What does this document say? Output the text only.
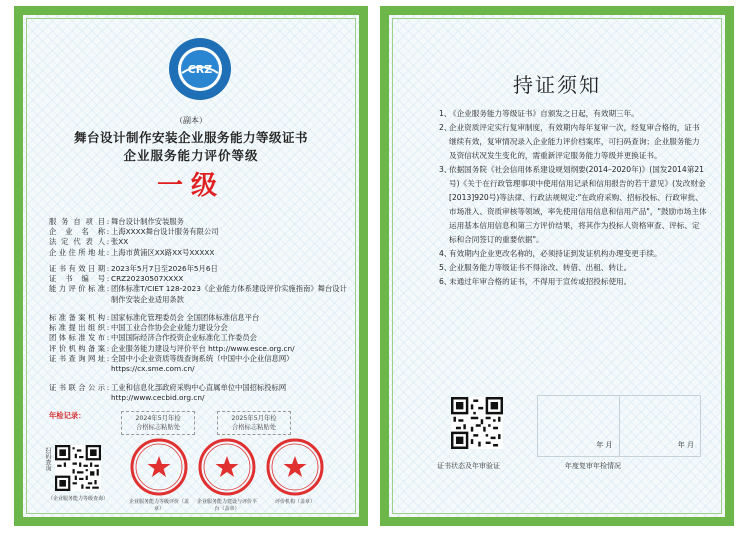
CRZ
（副本）
舞台设计制作安装企业服务能力等级证书
企业服务能力评价等级
一级
服务自项目 : 舞台设计制作安装服务
企业名称 : 上海XXXX舞台设计服务有限公司
法定代表人 : 张XX
企业住所地址 : 上海市黄浦区XX路XX号XXXXX
证书有效日期 : 2023年5月7日至2026年5月6日
证书编号 : CRZ20230507XXXX
能力评价标准 : 团体标准T/CIET 128-2023《企业能力体系建设评价实施指南》舞台设计制作安装企业适用条款
标准备案机构 : 国家标准化管理委员会 全国团体标准信息平台
标准提出组织 : 中国工业合作协会企业能力建设分会
团体标准发布 : 中国国际经济合作投资企业标准化工作委员会
评价机构备案 : 企业服务能力建设与评价平台 http://www.esce.org.cn/
证书查询网址 : 全国中小企业资质等级查询系统（中国中小企业信息网）https://cx.sme.com.cn/
证书联合公示 : 工业和信息化部政府采购中心直属单位中国招标投标网 http://www.cecbid.org.cn/
年检记录：	2024年5月年检
合格标志粘贴处
2025年5月年检
合格标志粘贴处
扫码查询
（企业服务能力等级查询）	企业服务能力等级评价（盖章）
企业服务能力建设与评价平台（盖章）
评价机构（盖章）
持证须知
1、
《企业服务能力等级证书》自颁发之日起，有效期三年。
2、
企业资质评定实行复审制度，有效期内每年复审一次，经复审合格的，证书继续有效，复审情况录入企业能力评价档案库，可扫码查询；企业服务能力及资信状况发生变化的，需重新评定服务能力等级并更换证书。
3、
依据国务院《社会信用体系建设规划纲要(2014–2020年)》(国发2014第21号)《关于在行政管理事项中使用信用记录和信用报告的若干意见》(发改财金[2013]920号)等法律、行政法规规定:"在政府采购、招标投标、行政审批、市场准入、资质审核等领域，率先使用信用信息和信用产品"，"鼓励市场主体运用基本信用信息和第三方评价结果，将其作为投标人资格审查、评标、定标和合同签订的重要依据"。
4、
有效期内企业更改名称的，必须持证到发证机构办理变更手续。
5、
企业服务能力等级证书不得涂改、转借、出租、转让。
6、
未通过年审合格的证书，不得用于宣传或招投标使用。
证书状态及年审验证
年 月	年 月
年度复审年检情况
